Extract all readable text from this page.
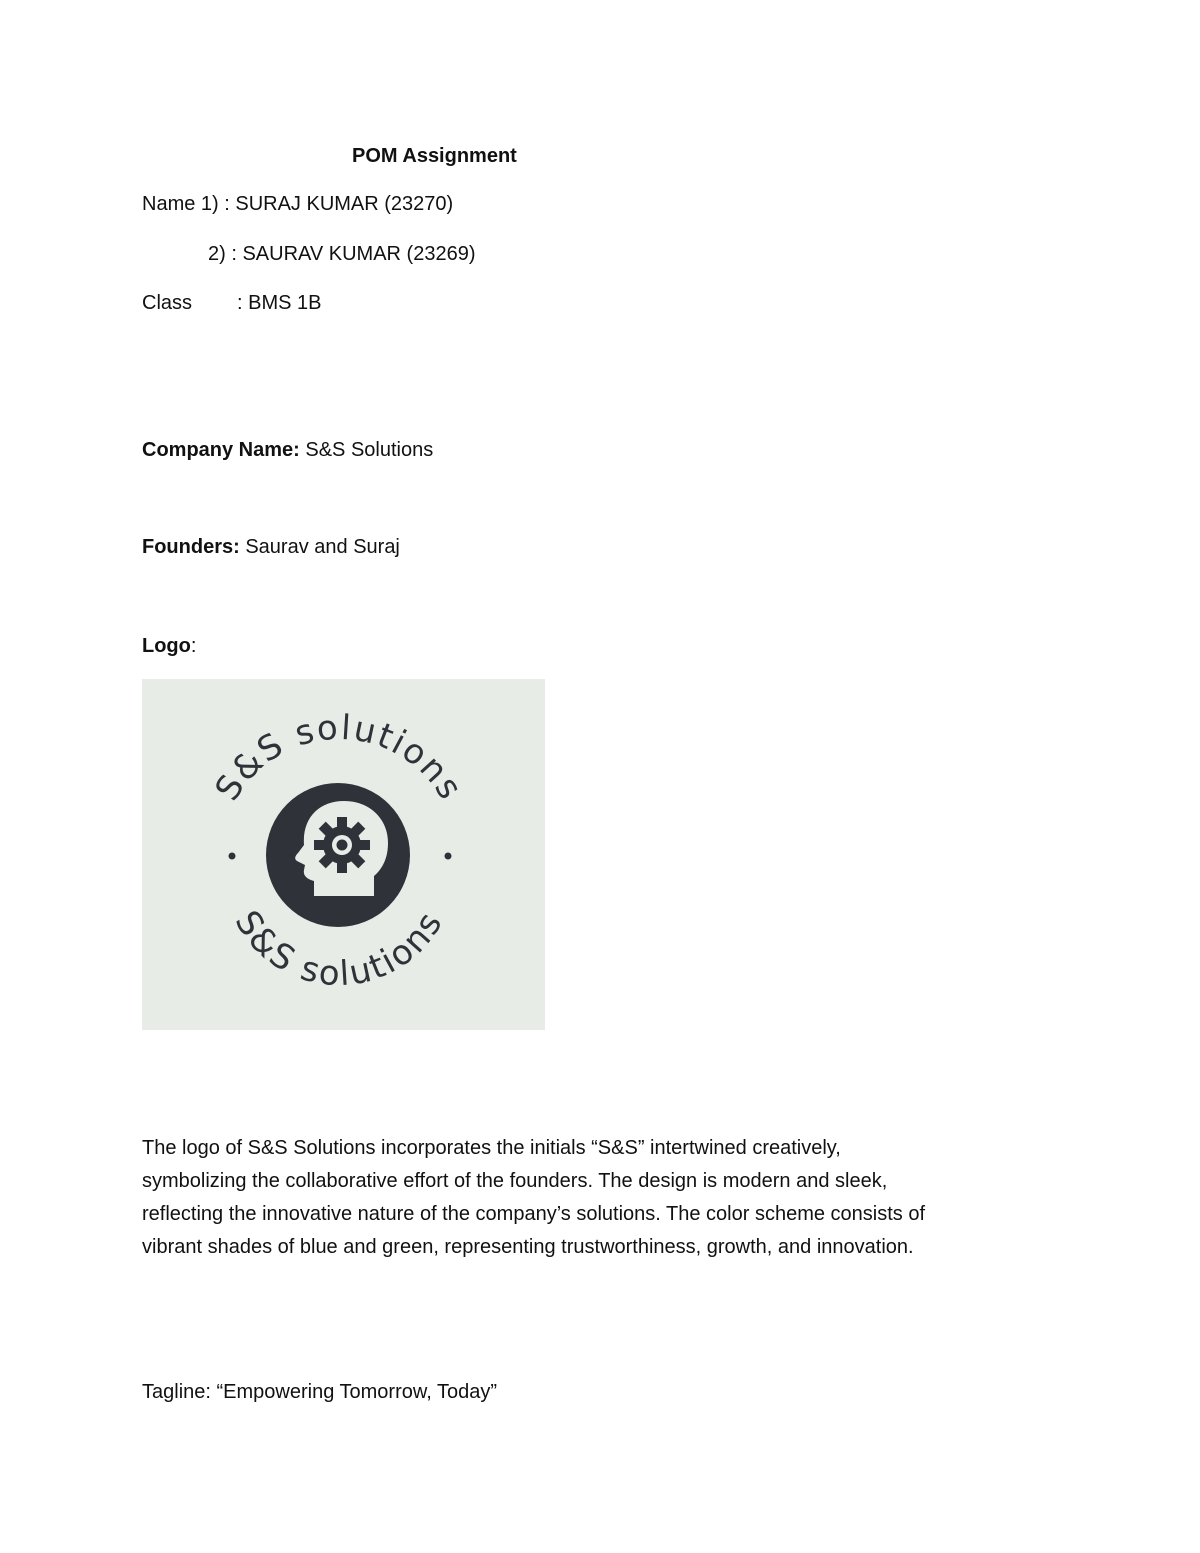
POM Assignment
Name 1) : SURAJ KUMAR (23270)
2) : SAURAV KUMAR (23269)
Class : BMS 1B
Company Name: S&S Solutions
Founders: Saurav and Suraj
Logo:
S&S solutions
S&S solutions
The logo of S&S Solutions incorporates the initials “S&S” intertwined creatively,
symbolizing the collaborative effort of the founders. The design is modern and sleek,
reflecting the innovative nature of the company’s solutions. The color scheme consists of
vibrant shades of blue and green, representing trustworthiness, growth, and innovation.
Tagline: “Empowering Tomorrow, Today”
